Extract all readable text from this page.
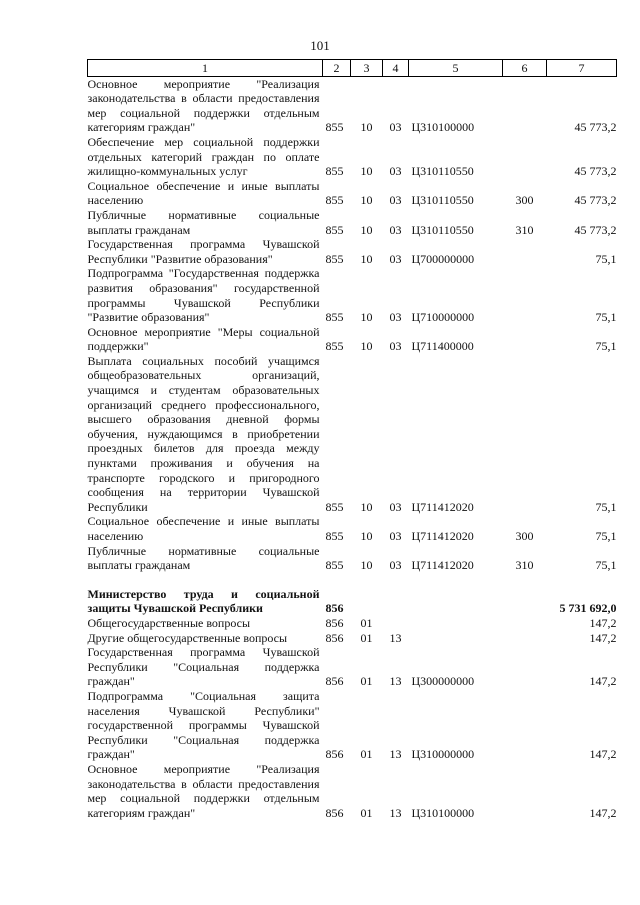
101
1	2	3	4	5	6	7
Основное мероприятие "Реализация законодательства в области предоставления мер социальной поддержки отдельным категориям граждан"	855	10	03	Ц310100000		45 773,2
Обеспечение мер социальной поддержки отдельных категорий граждан по оплате жилищно-коммунальных услуг	855	10	03	Ц310110550		45 773,2
Социальное обеспечение и иные выплаты населению	855	10	03	Ц310110550	300	45 773,2
Публичные нормативные социальные выплаты гражданам	855	10	03	Ц310110550	310	45 773,2
Государственная программа Чувашской Республики "Развитие образования"	855	10	03	Ц700000000		75,1
Подпрограмма "Государственная поддержка развития образования" государственной программы Чувашской Республики "Развитие образования"	855	10	03	Ц710000000		75,1
Основное мероприятие "Меры социальной поддержки"	855	10	03	Ц711400000		75,1
Выплата социальных пособий учащимся общеобразовательных организаций, учащимся и студентам образовательных организаций среднего профессионального, высшего образования дневной формы обучения, нуждающимся в приобретении проездных билетов для проезда между пунктами проживания и обучения на транспорте городского и пригородного сообщения на территории Чувашской Республики	855	10	03	Ц711412020		75,1
Социальное обеспечение и иные выплаты населению	855	10	03	Ц711412020	300	75,1
Публичные нормативные социальные выплаты гражданам	855	10	03	Ц711412020	310	75,1

Министерство труда и социальной защиты Чувашской Республики	856					5 731 692,0
Общегосударственные вопросы	856	01				147,2
Другие общегосударственные вопросы	856	01	13			147,2
Государственная программа Чувашской Республики "Социальная поддержка граждан"	856	01	13	Ц300000000		147,2
Подпрограмма "Социальная защита населения Чувашской Республики" государственной программы Чувашской Республики "Социальная поддержка граждан"	856	01	13	Ц310000000		147,2
Основное мероприятие "Реализация законодательства в области предоставления мер социальной поддержки отдельным категориям граждан"	856	01	13	Ц310100000		147,2
